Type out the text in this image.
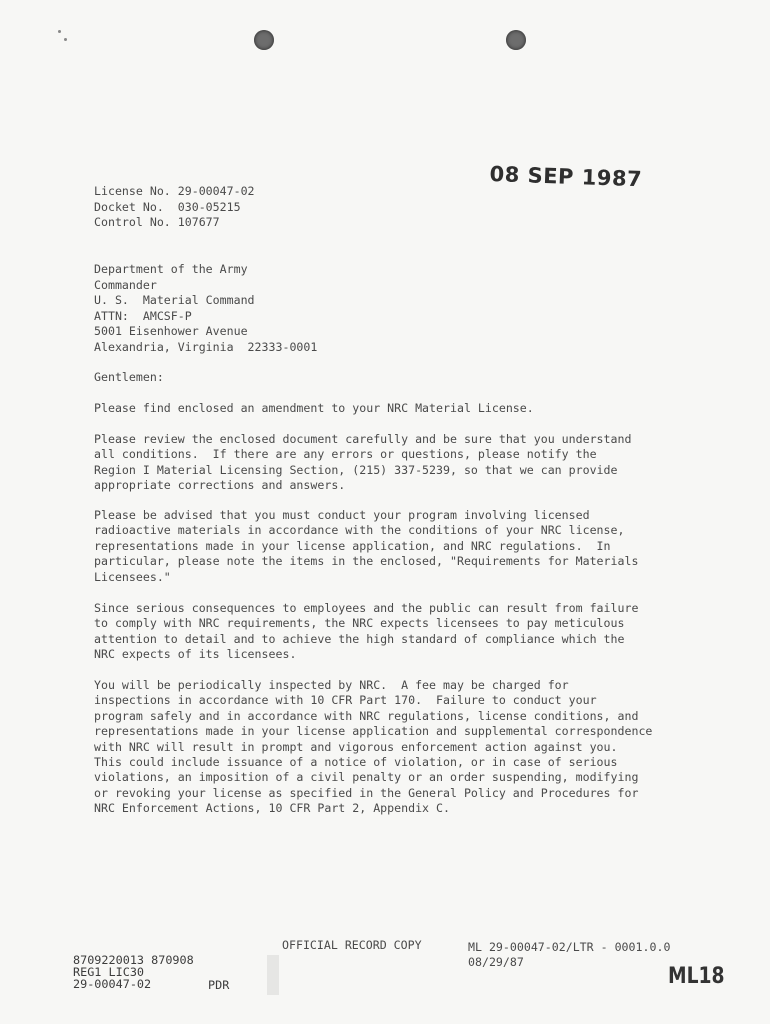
08 SEP 1987
License No. 29-00047-02
Docket No.  030-05215
Control No. 107677
Department of the Army
Commander
U. S.  Material Command
ATTN:  AMCSF-P
5001 Eisenhower Avenue
Alexandria, Virginia  22333-0001
Gentlemen:
Please find enclosed an amendment to your NRC Material License.
Please review the enclosed document carefully and be sure that you understand
all conditions.  If there are any errors or questions, please notify the
Region I Material Licensing Section, (215) 337-5239, so that we can provide
appropriate corrections and answers.
Please be advised that you must conduct your program involving licensed
radioactive materials in accordance with the conditions of your NRC license,
representations made in your license application, and NRC regulations.  In
particular, please note the items in the enclosed, "Requirements for Materials
Licensees."
Since serious consequences to employees and the public can result from failure
to comply with NRC requirements, the NRC expects licensees to pay meticulous
attention to detail and to achieve the high standard of compliance which the
NRC expects of its licensees.
You will be periodically inspected by NRC.  A fee may be charged for
inspections in accordance with 10 CFR Part 170.  Failure to conduct your
program safely and in accordance with NRC regulations, license conditions, and
representations made in your license application and supplemental correspondence
with NRC will result in prompt and vigorous enforcement action against you.
This could include issuance of a notice of violation, or in case of serious
violations, an imposition of a civil penalty or an order suspending, modifying
or revoking your license as specified in the General Policy and Procedures for
NRC Enforcement Actions, 10 CFR Part 2, Appendix C.
OFFICIAL RECORD COPY	ML 29-00047-02/LTR - 0001.0.0
08/29/87
8709220013 870908
REG1 LIC30
29-00047-02	PDR	ML18
